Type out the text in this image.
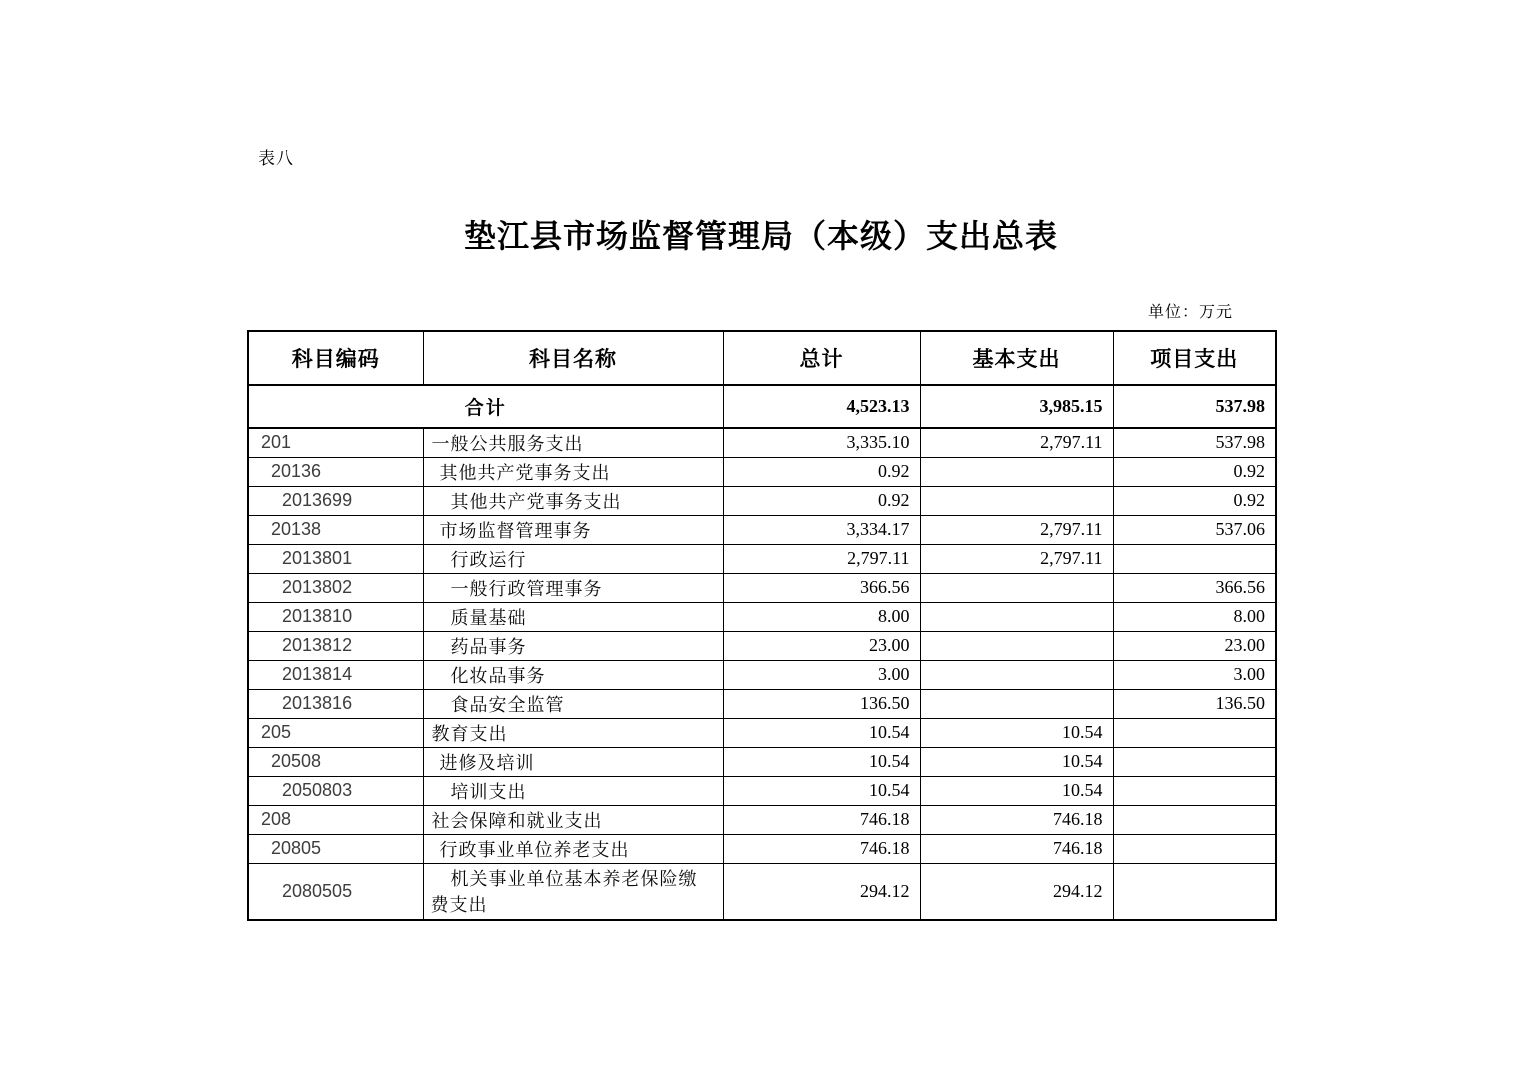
表八
垫江县市场监督管理局（本级）支出总表
单位：万元
科目编码	科目名称	总计	基本支出	项目支出
合计		4,523.13	3,985.15	537.98
201	一般公共服务支出	3,335.10	2,797.11	537.98
20136	其他共产党事务支出	0.92		0.92
2013699	其他共产党事务支出	0.92		0.92
20138	市场监督管理事务	3,334.17	2,797.11	537.06
2013801	行政运行	2,797.11	2,797.11	
2013802	一般行政管理事务	366.56		366.56
2013810	质量基础	8.00		8.00
2013812	药品事务	23.00		23.00
2013814	化妆品事务	3.00		3.00
2013816	食品安全监管	136.50		136.50
205	教育支出	10.54	10.54	
20508	进修及培训	10.54	10.54	
2050803	培训支出	10.54	10.54	
208	社会保障和就业支出	746.18	746.18	
20805	行政事业单位养老支出	746.18	746.18	
2080505	机关事业单位基本养老保险缴费支出	294.12	294.12	
